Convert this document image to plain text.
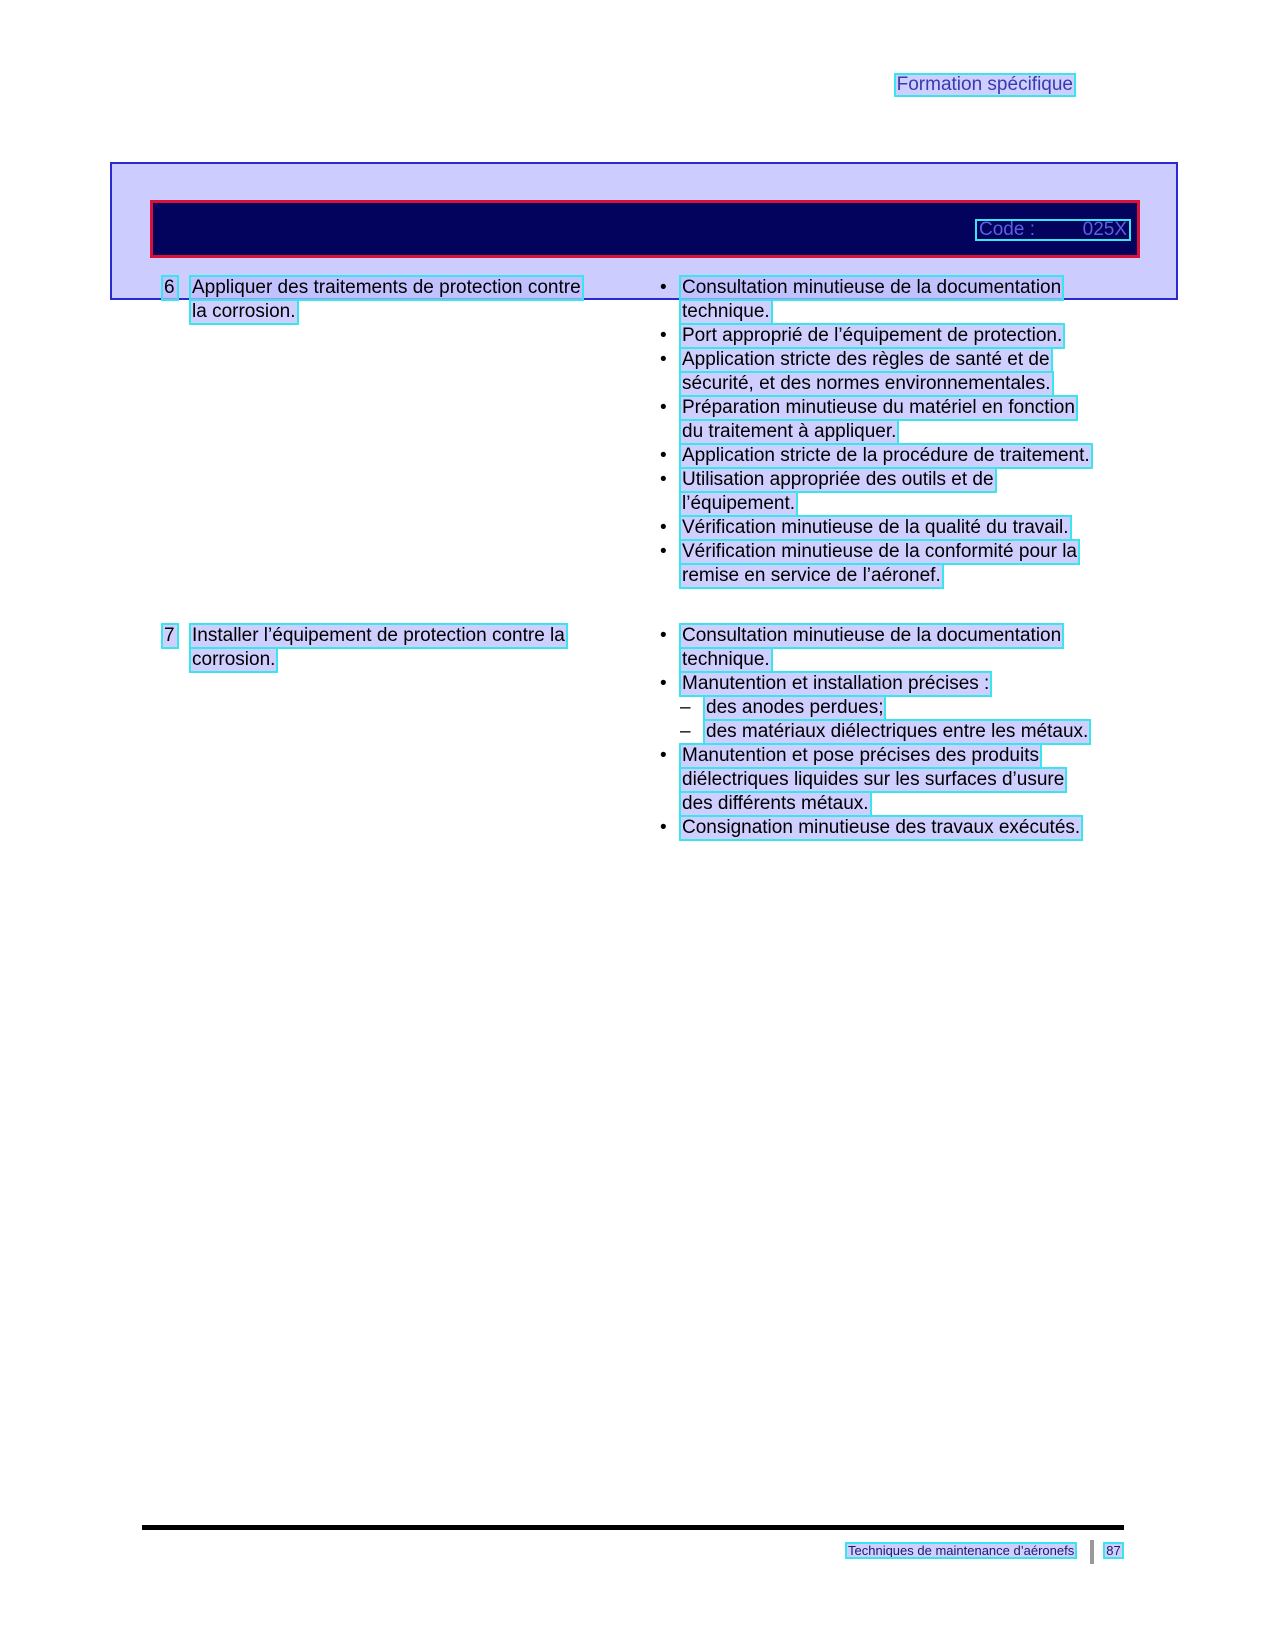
Formation spécifique
Code :	025X
6 Appliquer des traitements de protection contre
la corrosion.
• Consultation minutieuse de la documentation
technique.
• Port approprié de l’équipement de protection.
• Application stricte des règles de santé et de
sécurité, et des normes environnementales.
• Préparation minutieuse du matériel en fonction
du traitement à appliquer.
• Application stricte de la procédure de traitement.
• Utilisation appropriée des outils et de
l’équipement.
• Vérification minutieuse de la qualité du travail.
• Vérification minutieuse de la conformité pour la
remise en service de l’aéronef.
7 Installer l’équipement de protection contre la
corrosion.
• Consultation minutieuse de la documentation
technique.
• Manutention et installation précises :
– des anodes perdues;
– des matériaux diélectriques entre les métaux.
• Manutention et pose précises des produits
diélectriques liquides sur les surfaces d’usure
des différents métaux.
• Consignation minutieuse des travaux exécutés.
Techniques de maintenance d’aéronefs 87
